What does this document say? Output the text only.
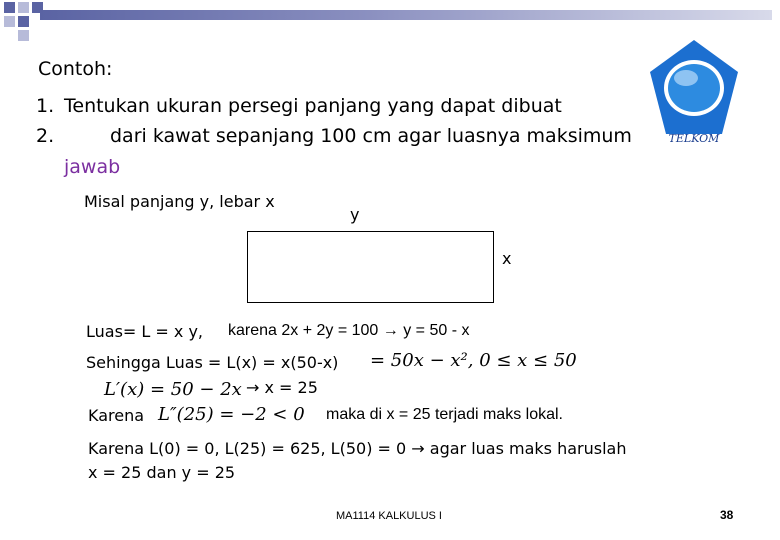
TELKOM
Contoh:
1. Tentukan ukuran persegi panjang yang dapat dibuat
2.	dari kawat sepanjang 100 cm agar luasnya maksimum
jawab
Misal panjang y, lebar x
y
x
Luas= L = x y, karena 2x + 2y = 100 → y = 50 - x
Sehingga Luas = L(x) = x(50-x) = 50x − x², 0 ≤ x ≤ 50
L′(x) = 50 − 2x → x = 25
Karena L″(25) = −2 < 0 maka di x = 25 terjadi maks lokal.
Karena L(0) = 0, L(25) = 625, L(50) = 0 → agar luas maks haruslah
x = 25 dan y = 25
MA1114 KALKULUS I	38
